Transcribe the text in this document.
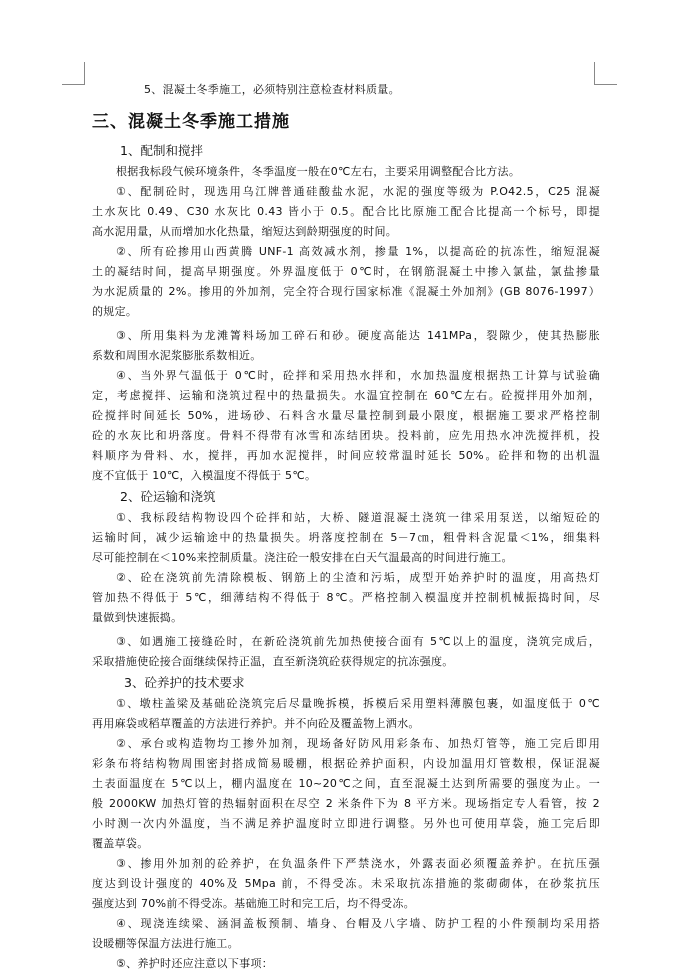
5、混凝土冬季施工，必须特别注意检查材料质量。
三、混凝土冬季施工措施
1、配制和搅拌
根据我标段气候环境条件，冬季温度一般在0℃左右，主要采用调整配合比方法。
①、配制砼时，现选用乌江牌普通硅酸盐水泥，水泥的强度等级为 P.O42.5，C25 混凝
土水灰比 0.49、C30 水灰比 0.43 皆小于 0.5。配合比比原施工配合比提高一个标号，即提
高水泥用量，从而增加水化热量，缩短达到龄期强度的时间。
②、所有砼掺用山西黄腾 UNF-1 高效减水剂，掺量 1%，以提高砼的抗冻性，缩短混凝
土的凝结时间，提高早期强度。外界温度低于 0℃时，在钢筋混凝土中掺入氯盐，氯盐掺量
为水泥质量的 2%。掺用的外加剂，完全符合现行国家标准《混凝土外加剂》(GB 8076-1997）
的规定。
③、所用集料为龙滩箐料场加工碎石和砂。硬度高能达 141MPa，裂隙少，使其热膨胀
系数和周围水泥浆膨胀系数相近。
④、当外界气温低于 0℃时，砼拌和采用热水拌和，水加热温度根据热工计算与试验确
定，考虑搅拌、运输和浇筑过程中的热量损失。水温宜控制在 60℃左右。砼搅拌用外加剂，
砼搅拌时间延长 50%，进场砂、石料含水量尽量控制到最小限度，根据施工要求严格控制
砼的水灰比和坍落度。骨料不得带有冰雪和冻结团块。投料前，应先用热水冲洗搅拌机，投
料顺序为骨料、水，搅拌，再加水泥搅拌，时间应较常温时延长 50%。砼拌和物的出机温
度不宜低于 10℃，入模温度不得低于 5℃。
2、砼运输和浇筑
①、我标段结构物设四个砼拌和站，大桥、隧道混凝土浇筑一律采用泵送，以缩短砼的
运输时间，减少运输途中的热量损失。坍落度控制在 5－7㎝，粗骨料含泥量＜1%，细集料
尽可能控制在＜10%来控制质量。浇注砼一般安排在白天气温最高的时间进行施工。
②、砼在浇筑前先清除模板、钢筋上的尘渣和污垢，成型开始养护时的温度，用高热灯
管加热不得低于 5℃，细薄结构不得低于 8℃。严格控制入模温度并控制机械振捣时间，尽
量做到快速振捣。
③、如遇施工接缝砼时，在新砼浇筑前先加热使接合面有 5℃以上的温度，浇筑完成后，
采取措施使砼接合面继续保持正温，直至新浇筑砼获得规定的抗冻强度。
3、砼养护的技术要求
①、墩柱盖梁及基础砼浇筑完后尽量晚拆模，拆模后采用塑料薄膜包裹，如温度低于 0℃
再用麻袋或稻草覆盖的方法进行养护。并不向砼及覆盖物上洒水。
②、承台或构造物均工掺外加剂，现场备好防风用彩条布、加热灯管等，施工完后即用
彩条布将结构物周围密封搭成简易暖棚，根据砼养护面积，内设加温用灯管数根，保证混凝
土表面温度在 5℃以上，棚内温度在 10~20℃之间，直至混凝土达到所需要的强度为止。一
般 2000KW 加热灯管的热辐射面积在尽空 2 米条件下为 8 平方米。现场指定专人看管，按 2
小时测一次内外温度，当不满足养护温度时立即进行调整。另外也可使用草袋，施工完后即
覆盖草袋。
③、掺用外加剂的砼养护，在负温条件下严禁浇水，外露表面必须覆盖养护。在抗压强
度达到设计强度的 40%及 5Mpa 前，不得受冻。未采取抗冻措施的浆砌砌体，在砂浆抗压
强度达到 70%前不得受冻。基础施工时和完工后，均不得受冻。
④、现浇连续梁、涵洞盖板预制、墙身、台帽及八字墙、防护工程的小件预制均采用搭
设暖棚等保温方法进行施工。
⑤、养护时还应注意以下事项：
